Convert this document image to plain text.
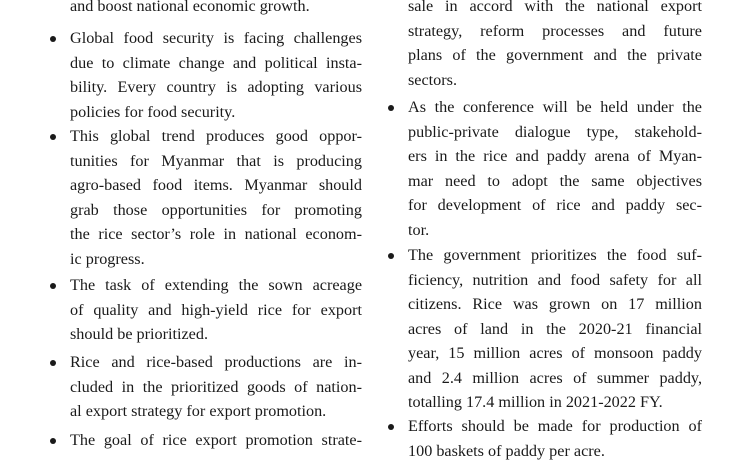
and boost national economic growth.
Global food security is facing challenges
due to climate change and political insta-
bility. Every country is adopting various
policies for food security.
This global trend produces good oppor-
tunities for Myanmar that is producing
agro-based food items. Myanmar should
grab those opportunities for promoting
the rice sector’s role in national econom-
ic progress.
The task of extending the sown acreage
of quality and high-yield rice for export
should be prioritized.
Rice and rice-based productions are in-
cluded in the prioritized goods of nation-
al export strategy for export promotion.
The goal of rice export promotion strate-
sale in accord with the national export
strategy, reform processes and future
plans of the government and the private
sectors.
As the conference will be held under the
public-private dialogue type, stakehold-
ers in the rice and paddy arena of Myan-
mar need to adopt the same objectives
for development of rice and paddy sec-
tor.
The government prioritizes the food suf-
ficiency, nutrition and food safety for all
citizens. Rice was grown on 17 million
acres of land in the 2020-21 financial
year, 15 million acres of monsoon paddy
and 2.4 million acres of summer paddy,
totalling 17.4 million in 2021-2022 FY.
Efforts should be made for production of
100 baskets of paddy per acre.
